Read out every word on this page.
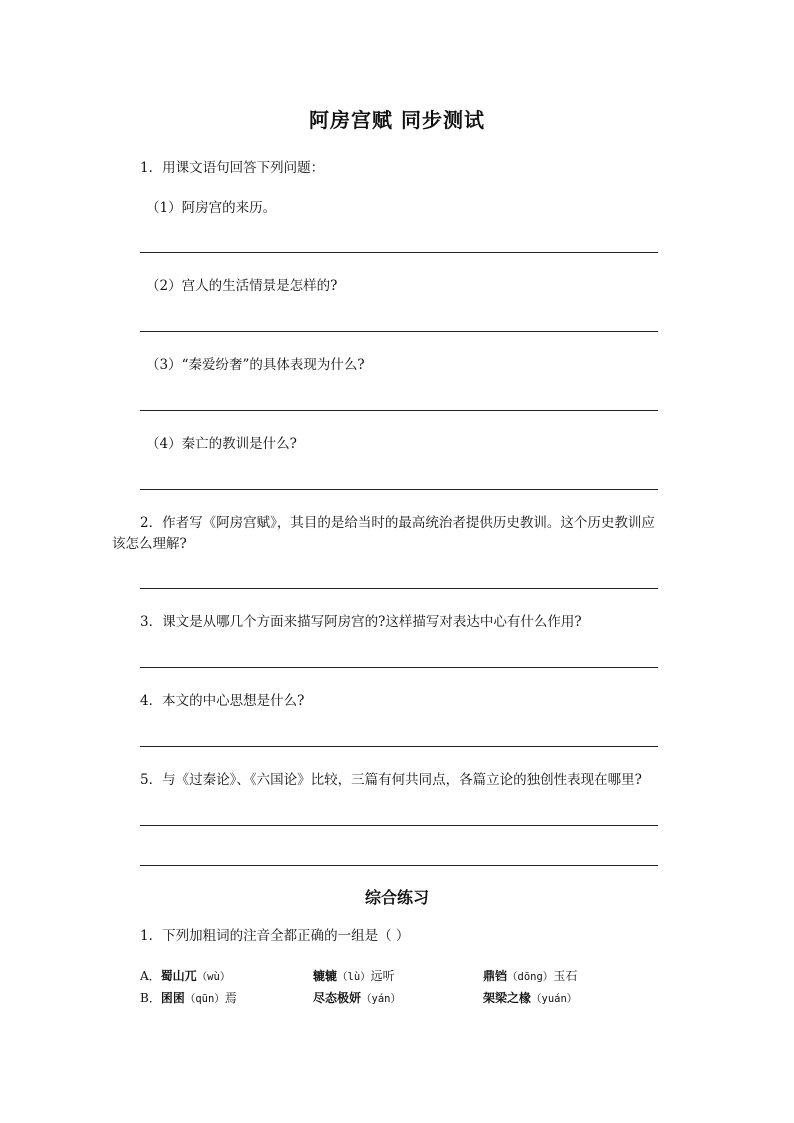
阿房宫赋 同步测试
1．用课文语句回答下列问题：
（1）阿房宫的来历。
（2）宫人的生活情景是怎样的?
（3）“秦爱纷奢”的具体表现为什么?
（4）秦亡的教训是什么?
2．作者写《阿房宫赋》，其目的是给当时的最高统治者提供历史教训。这个历史教训应
该怎么理解?
3．课文是从哪几个方面来描写阿房宫的?这样描写对表达中心有什么作用?
4．本文的中心思想是什么?
5．与《过秦论》、《六国论》比较，三篇有何共同点，各篇立论的独创性表现在哪里?
综合练习
1．下列加粗词的注音全都正确的一组是（ ）
A．蜀山兀（wù）	辘辘（lù）远听	鼎铛（dōng）玉石
B．囷囷（qūn）焉	尽态极妍（yán）	架梁之椽（yuán）
